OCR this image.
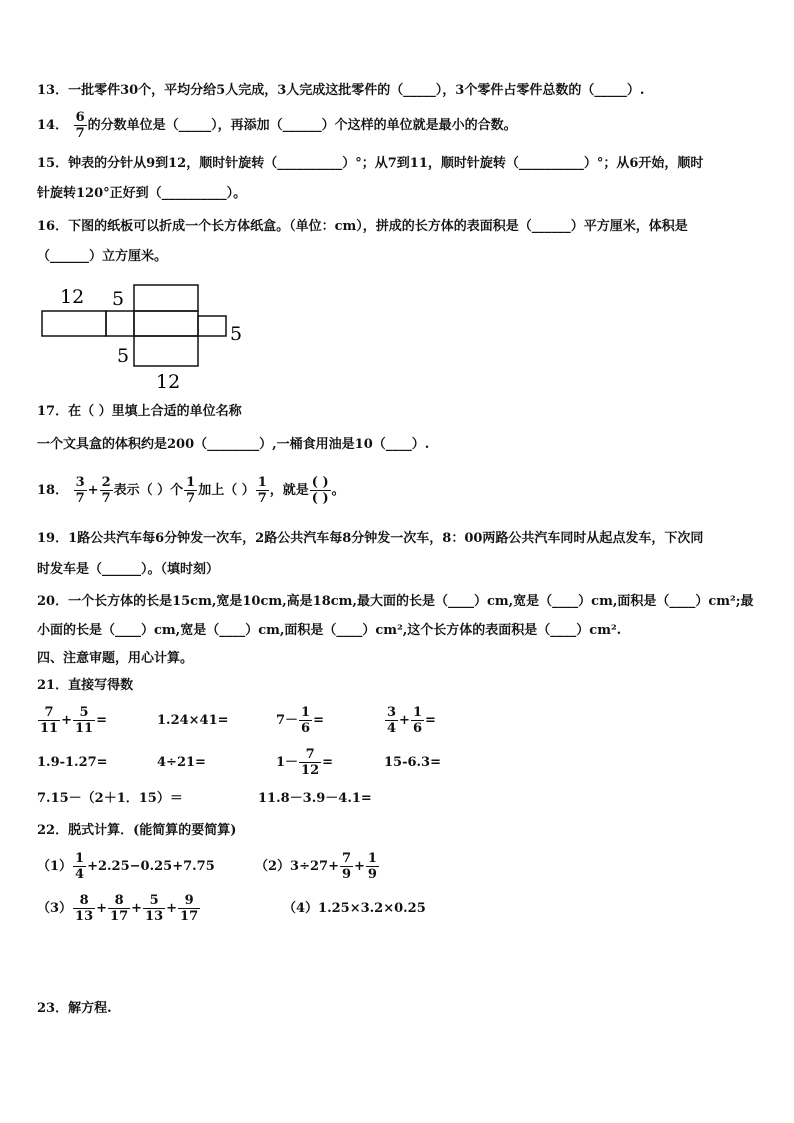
13．一批零件30个，平均分给5人完成，3人完成这批零件的（_____），3个零件占零件总数的（_____）.
14． $\frac{6}{7}$ 的分数单位是（_____），再添加（______）个这样的单位就是最小的合数。
15．钟表的分针从9到12，顺时针旋转（__________）°；从7到11，顺时针旋转（__________）°；从6开始，顺时
针旋转120°正好到（__________）。
16．下图的纸板可以折成一个长方体纸盒。（单位：cm），拼成的长方体的表面积是（______）平方厘米，体积是
（______）立方厘米。
12 5
5
5
12
17．在（ ）里填上合适的单位名称
一个文具盒的体积约是200（________）,一桶食用油是10（____）.
18． $\frac{3}{7} + \frac{2}{7}$ 表示（ ）个 $\frac{1}{7}$ 加上（ ） $\frac{1}{7}$ ，就是 $\frac{( )}{( )}$ 。
19．1路公共汽车每6分钟发一次车，2路公共汽车每8分钟发一次车，8：00两路公共汽车同时从起点发车，下次同
时发车是（______）。（填时刻）
20．一个长方体的长是15cm,宽是10cm,高是18cm,最大面的长是（____）cm,宽是（____）cm,面积是（____）cm²;最
小面的长是（____）cm,宽是（____）cm,面积是（____）cm²,这个长方体的表面积是（____）cm².
四、注意审题，用心计算。
21．直接写得数
$\frac{7}{11} + \frac{5}{11}$ =	1.24×41=	$7- \frac{1}{6}$ =	$\frac{3}{4} + \frac{1}{6}$ =
1.9-1.27=	4÷21=	$1- \frac{7}{12}$ =	15-6.3=
7.15－（2＋1．15）＝	11.8－3.9－4.1=
22．脱式计算．(能简算的要简算)
$(1) \frac{1}{4} +2.25-0.25+7.75$	$(2)3\div 27+ \frac{7}{9} + \frac{1}{9}$
$(3) \frac{8}{13} + \frac{8}{17} + \frac{5}{13} + \frac{9}{17}$	（4）1.25×3.2×0.25
23．解方程.
